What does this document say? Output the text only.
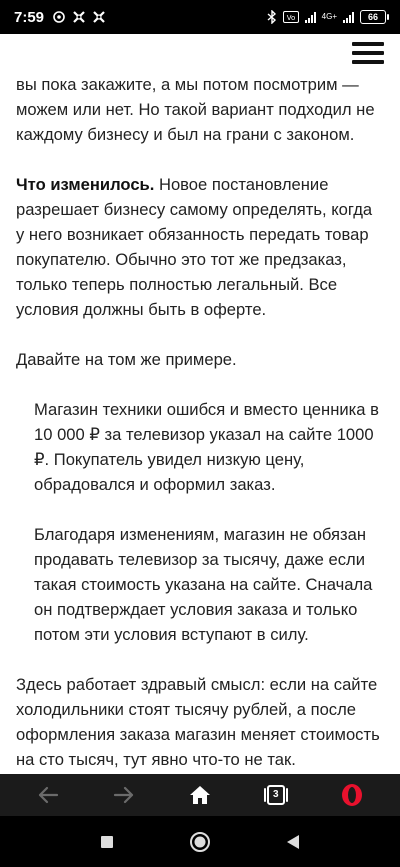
7:59	Vo	4G+	66

вы пока закажите, а мы потом посмотрим — можем или нет. Но такой вариант подходил не каждому бизнесу и был на грани с законом.

Что изменилось. Новое постановление разрешает бизнесу самому определять, когда у него возникает обязанность передать товар покупателю. Обычно это тот же предзаказ, только теперь полностью легальный. Все условия должны быть в оферте.

Давайте на том же примере.

Магазин техники ошибся и вместо ценника в 10 000 ₽ за телевизор указал на сайте 1000 ₽. Покупатель увидел низкую цену, обрадовался и оформил заказ.

Благодаря изменениям, магазин не обязан продавать телевизор за тысячу, даже если такая стоимость указана на сайте. Сначала он подтверждает условия заказа и только потом эти условия вступают в силу.

Здесь работает здравый смысл: если на сайте холодильники стоят тысячу рублей, а после оформления заказа магазин меняет стоимость на сто тысяч, тут явно что-то не так.

3
